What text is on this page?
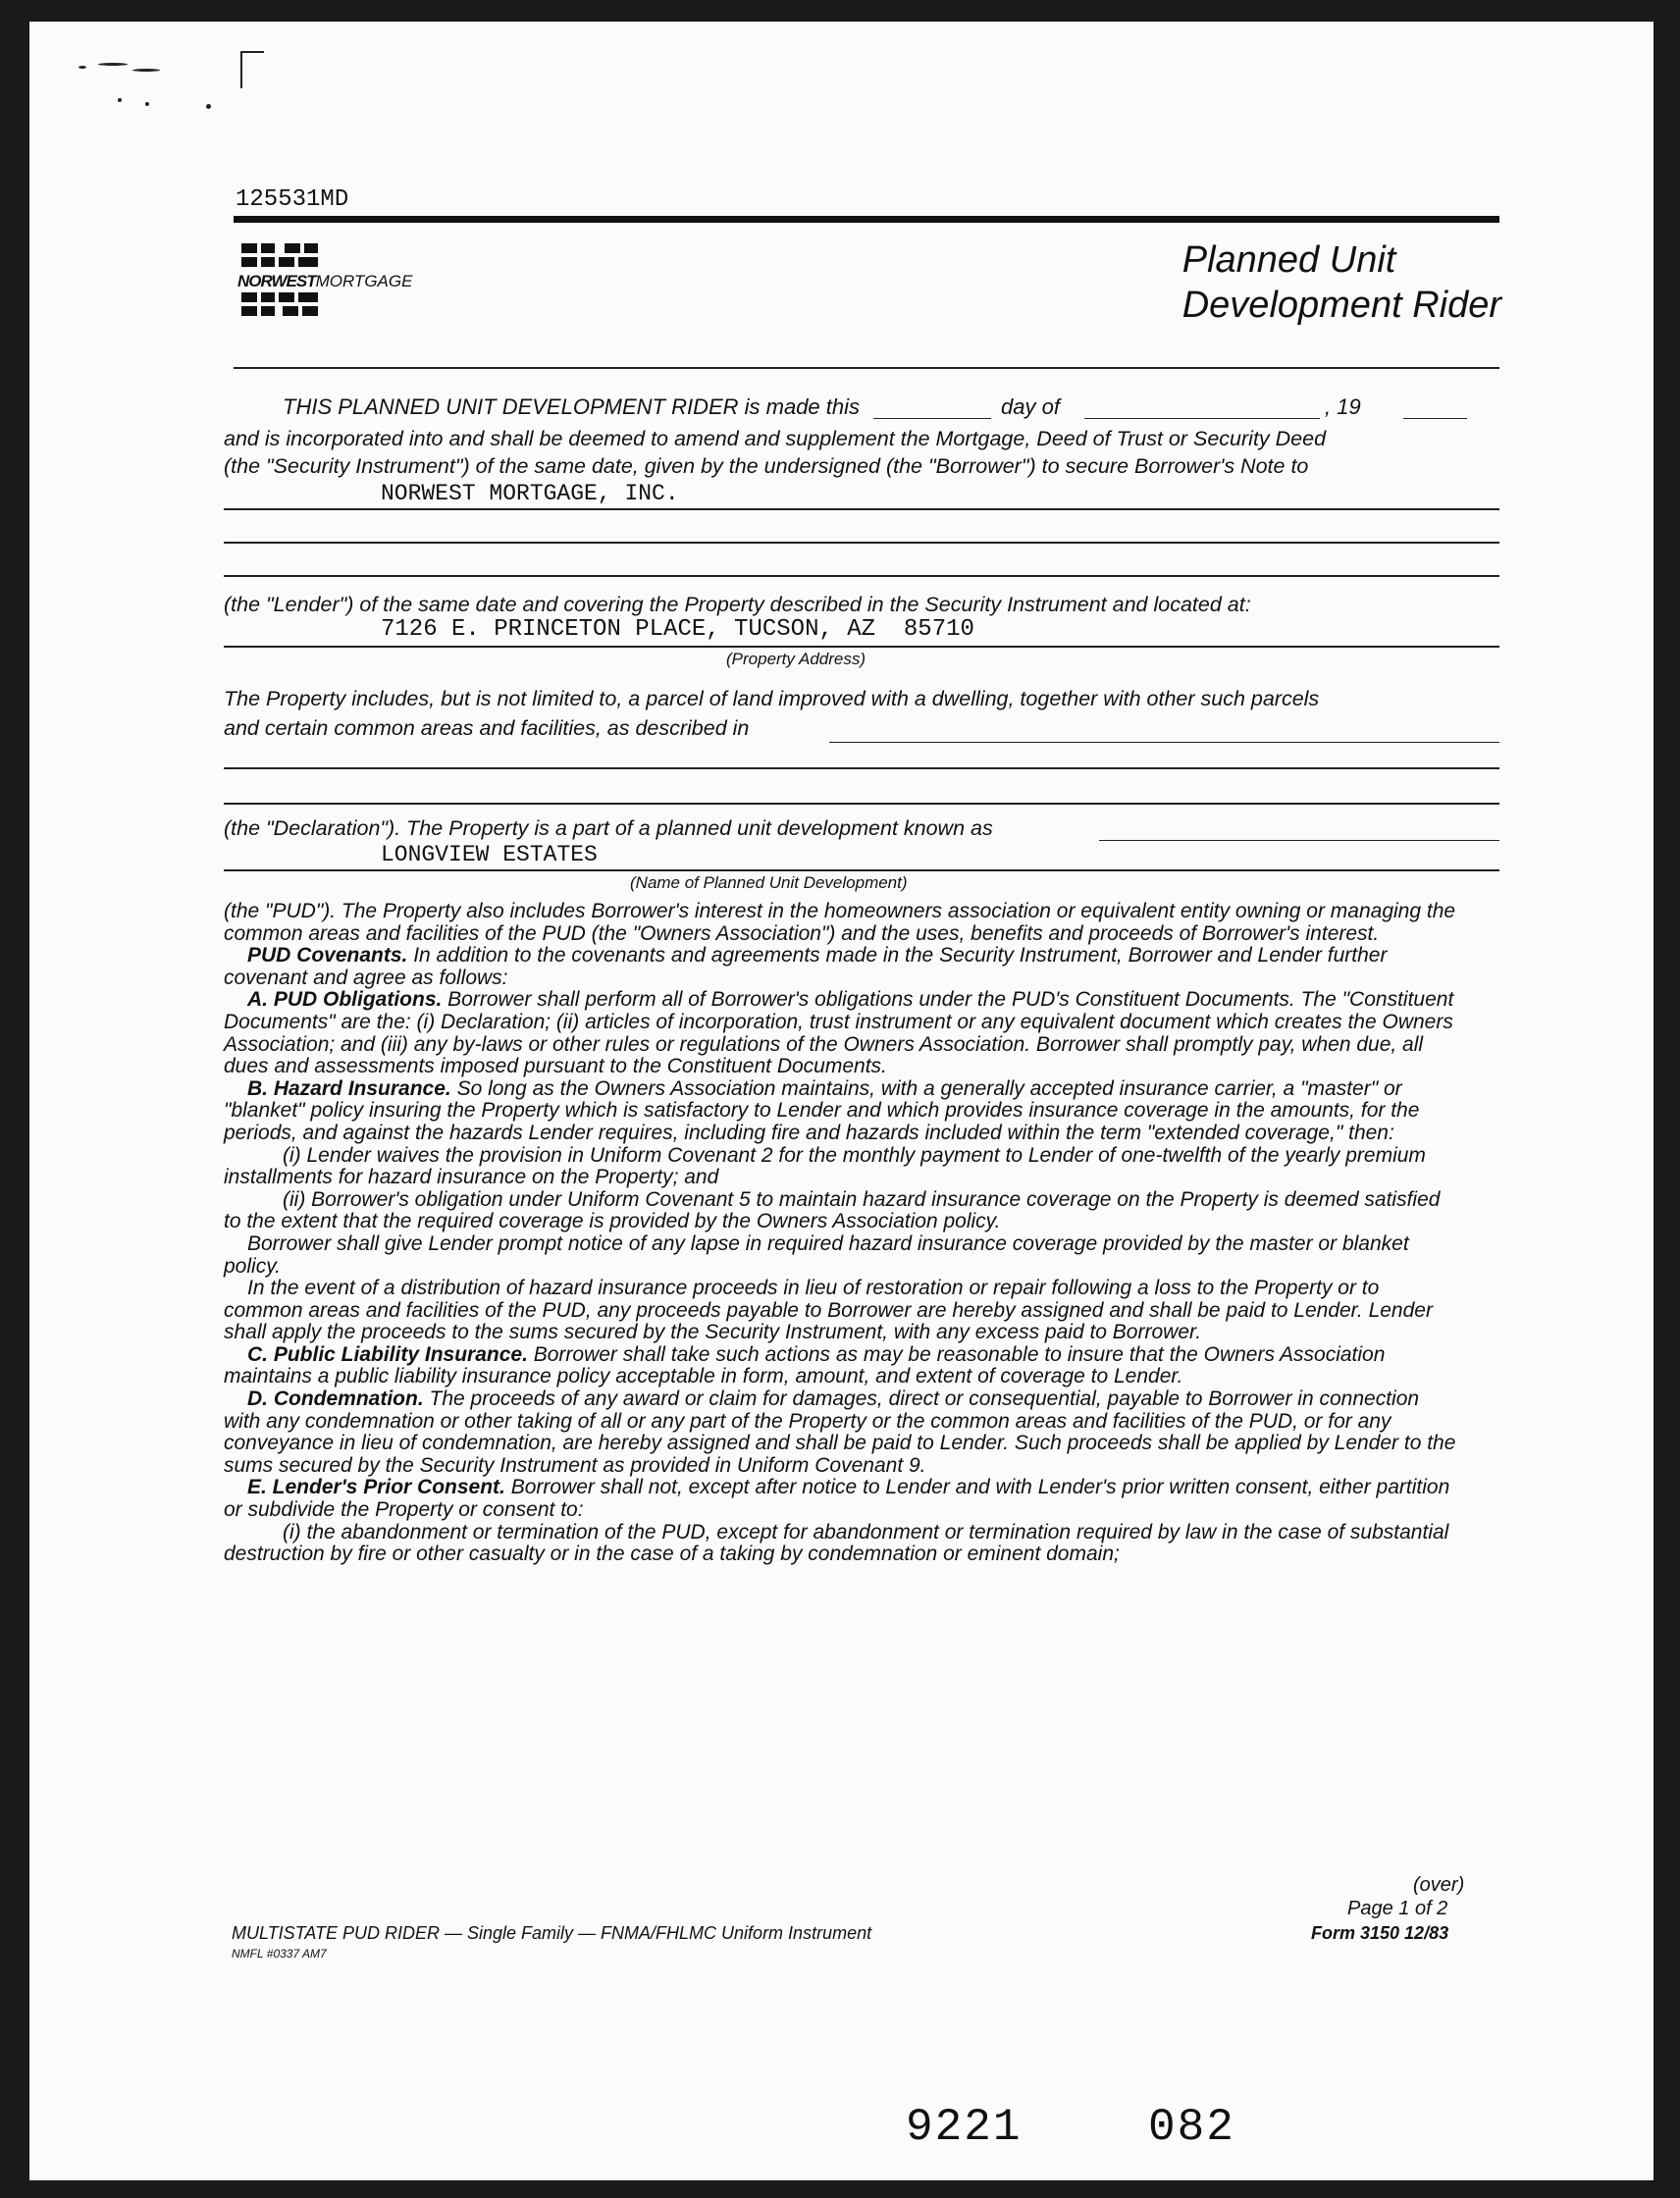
125531MD
NORWESTMORTGAGE
Planned Unit
Development Rider
THIS PLANNED UNIT DEVELOPMENT RIDER is made this	day of	, 19
and is incorporated into and shall be deemed to amend and supplement the Mortgage, Deed of Trust or Security Deed
(the "Security Instrument") of the same date, given by the undersigned (the "Borrower") to secure Borrower's Note to
NORWEST MORTGAGE, INC.
(the "Lender") of the same date and covering the Property described in the Security Instrument and located at:
7126 E. PRINCETON PLACE, TUCSON, AZ  85710
(Property Address)
The Property includes, but is not limited to, a parcel of land improved with a dwelling, together with other such parcels
and certain common areas and facilities, as described in
(the "Declaration"). The Property is a part of a planned unit development known as
LONGVIEW ESTATES
(Name of Planned Unit Development)

(the "PUD"). The Property also includes Borrower's interest in the homeowners association or equivalent entity owning or managing the common areas and facilities of the PUD (the "Owners Association") and the uses, benefits and proceeds of Borrower's interest.

PUD Covenants. In addition to the covenants and agreements made in the Security Instrument, Borrower and Lender further covenant and agree as follows:

A. PUD Obligations. Borrower shall perform all of Borrower's obligations under the PUD's Constituent Documents. The "Constituent Documents" are the: (i) Declaration; (ii) articles of incorporation, trust instrument or any equivalent document which creates the Owners Association; and (iii) any by-laws or other rules or regulations of the Owners Association. Borrower shall promptly pay, when due, all dues and assessments imposed pursuant to the Constituent Documents.

B. Hazard Insurance. So long as the Owners Association maintains, with a generally accepted insurance carrier, a "master" or "blanket" policy insuring the Property which is satisfactory to Lender and which provides insurance coverage in the amounts, for the periods, and against the hazards Lender requires, including fire and hazards included within the term "extended coverage," then:

(i) Lender waives the provision in Uniform Covenant 2 for the monthly payment to Lender of one-twelfth of the yearly premium installments for hazard insurance on the Property; and

(ii) Borrower's obligation under Uniform Covenant 5 to maintain hazard insurance coverage on the Property is deemed satisfied to the extent that the required coverage is provided by the Owners Association policy.

Borrower shall give Lender prompt notice of any lapse in required hazard insurance coverage provided by the master or blanket policy.

In the event of a distribution of hazard insurance proceeds in lieu of restoration or repair following a loss to the Property or to common areas and facilities of the PUD, any proceeds payable to Borrower are hereby assigned and shall be paid to Lender. Lender shall apply the proceeds to the sums secured by the Security Instrument, with any excess paid to Borrower.

C. Public Liability Insurance. Borrower shall take such actions as may be reasonable to insure that the Owners Association maintains a public liability insurance policy acceptable in form, amount, and extent of coverage to Lender.

D. Condemnation. The proceeds of any award or claim for damages, direct or consequential, payable to Borrower in connection with any condemnation or other taking of all or any part of the Property or the common areas and facilities of the PUD, or for any conveyance in lieu of condemnation, are hereby assigned and shall be paid to Lender. Such proceeds shall be applied by Lender to the sums secured by the Security Instrument as provided in Uniform Covenant 9.

E. Lender's Prior Consent. Borrower shall not, except after notice to Lender and with Lender's prior written consent, either partition or subdivide the Property or consent to:

(i) the abandonment or termination of the PUD, except for abandonment or termination required by law in the case of substantial destruction by fire or other casualty or in the case of a taking by condemnation or eminent domain;

(over)
Page 1 of 2
MULTISTATE PUD RIDER — Single Family — FNMA/FHLMC Uniform Instrument	Form 3150 12/83
NMFL #0337 AM7
9221	082
